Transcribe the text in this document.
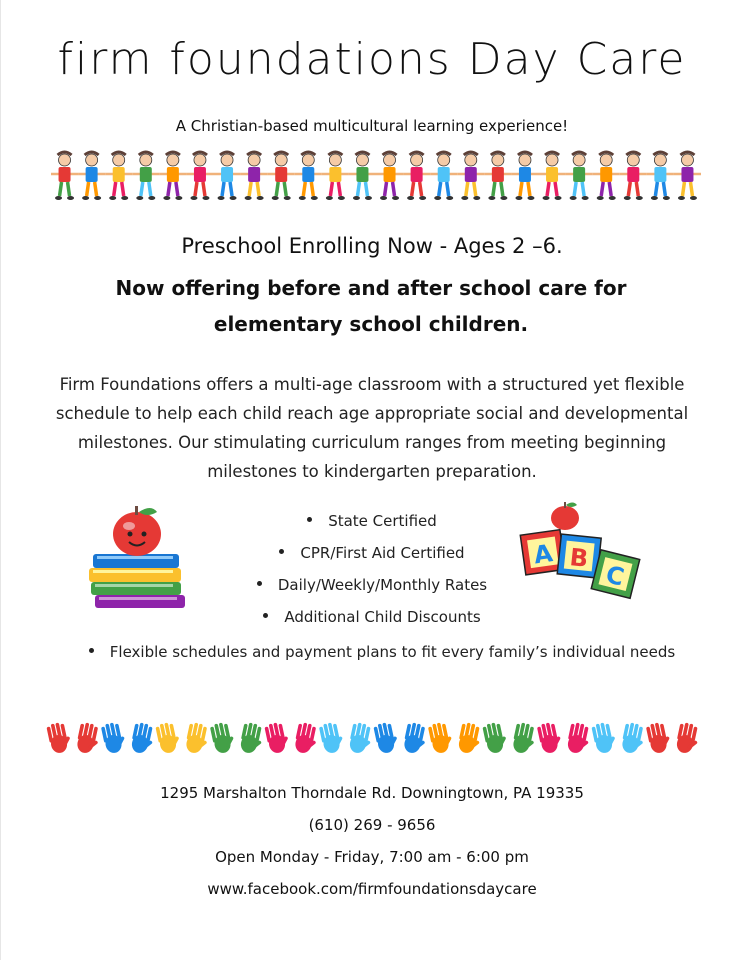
firm foundations Day Care
A Christian-based multicultural learning experience!
Preschool Enrolling Now - Ages 2 –6.
Now offering before and after school care for elementary school children.
Firm Foundations offers a multi-age classroom with a structured yet flexible schedule to help each child reach age appropriate social and developmental milestones. Our stimulating curriculum ranges from meeting beginning milestones to kindergarten preparation.
A B
C
State Certified
CPR/First Aid Certified
Daily/Weekly/Monthly Rates
Additional Child Discounts
Flexible schedules and payment plans to fit every family’s individual needs
1295 Marshalton Thorndale Rd. Downingtown, PA 19335
(610) 269 - 9656
Open Monday - Friday, 7:00 am - 6:00 pm
www.facebook.com/firmfoundationsdaycare
